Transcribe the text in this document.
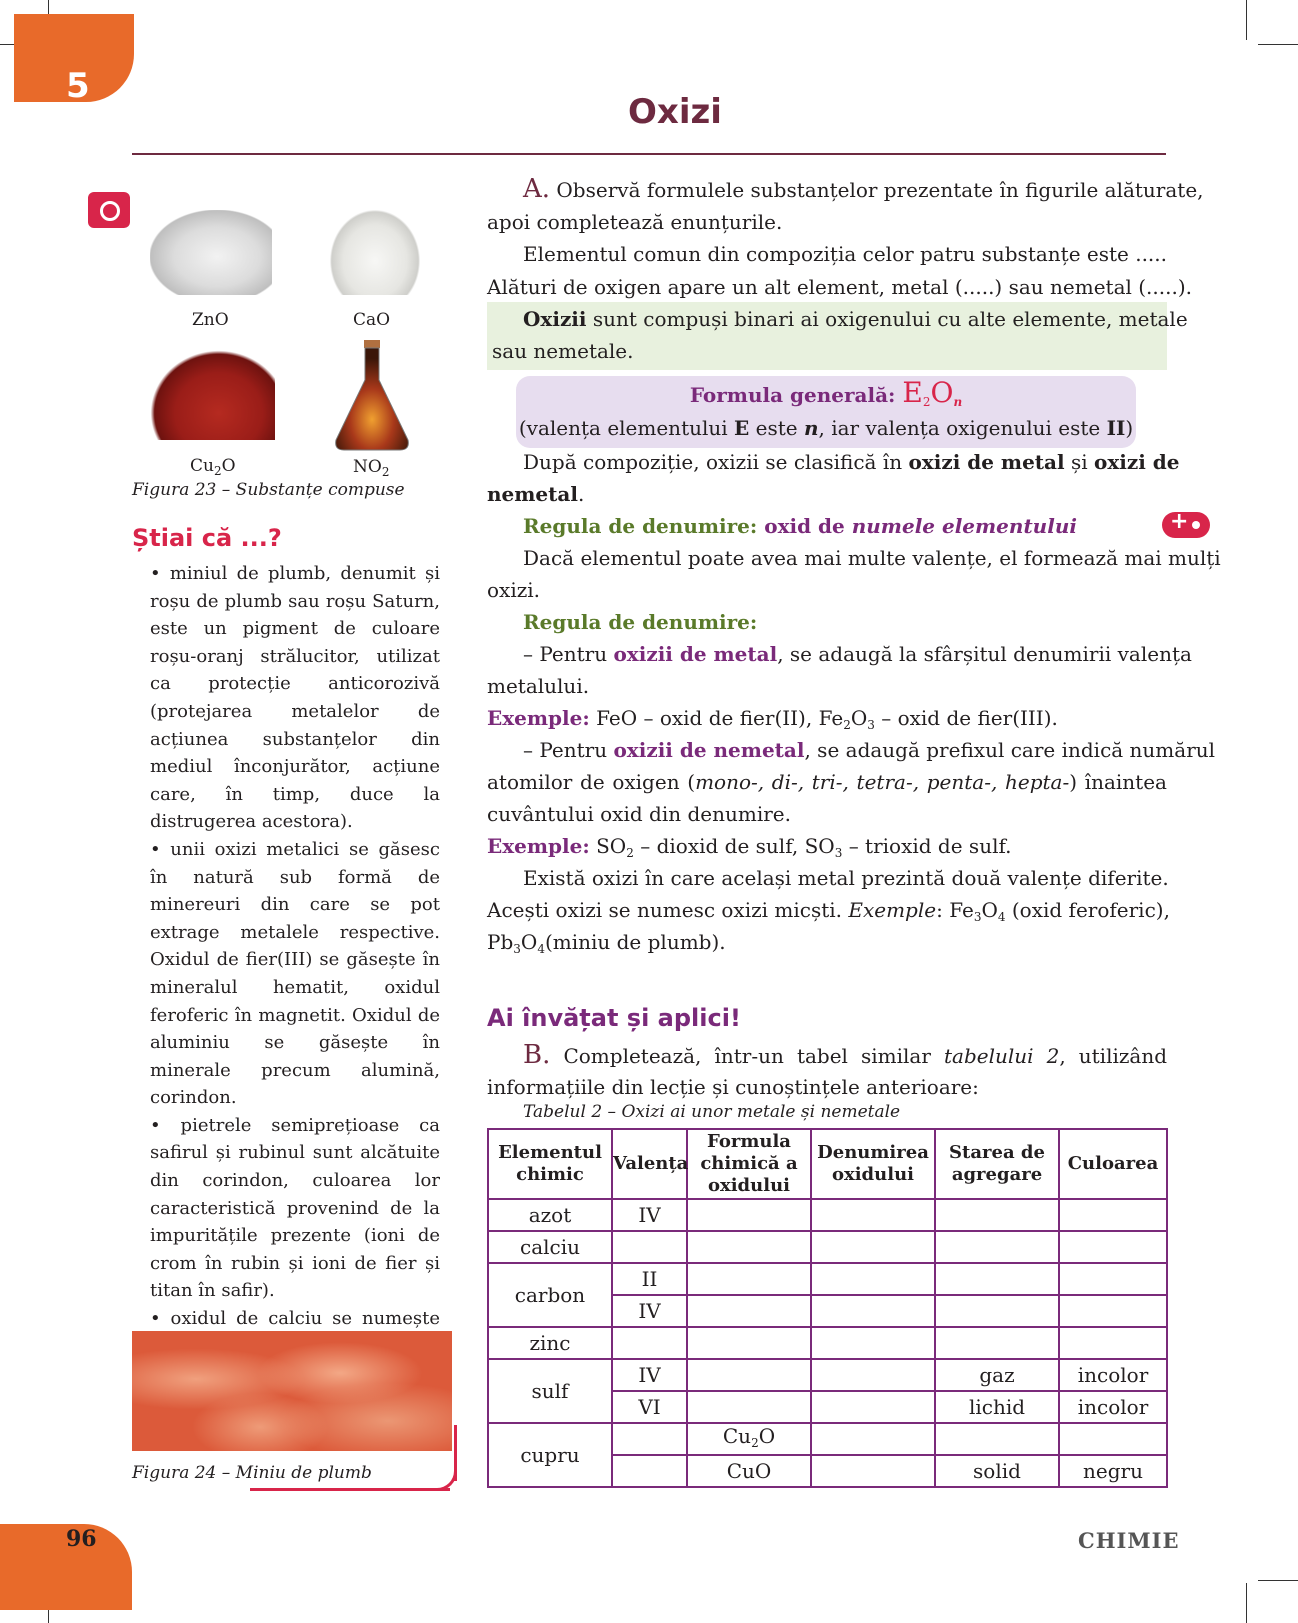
5
Oxizi
ZnO	CaO
$Cu_2O$	$NO_2$
Figura 23 – Substanțe compuse
Știai că ...?

• miniul de plumb, denumit și roșu de plumb sau roșu Saturn, este un pigment de culoare roșu-oranj strălucitor, utilizat ca protecție anticorozivă (protejarea metalelor de acțiunea substanțelor din mediul înconjurător, acțiune care, în timp, duce la distrugerea acestora).

• unii oxizi metalici se găsesc în natură sub formă de minereuri din care se pot extrage metalele respective. Oxidul de fier(III) se găsește în mineralul hematit, oxidul feroferic în magnetit. Oxidul de aluminiu se găsește în minerale precum alumină, corindon.

• pietrele semiprețioase ca safirul și rubinul sunt alcătuite din corindon, culoarea lor caracteristică provenind de la impuritățile prezente (ioni de crom în rubin și ioni de fier și titan în safir).

• oxidul de calciu se numește

Figura 24 – Miniu de plumb
A. Observă formulele substanțelor prezentate în figurile alăturate,
apoi completează enunțurile.
Elementul comun din compoziția celor patru substanțe este .....
Alături de oxigen apare un alt element, metal (.....) sau nemetal (.....).
Oxizii sunt compuși binari ai oxigenului cu alte elemente, metale
sau nemetale.
Formula generală: $E_2O_n$
(valența elementului E este n, iar valența oxigenului este II)
După compoziție, oxizii se clasifică în oxizi de metal și oxizi de
nemetal.
Regula de denumire: oxid de numele elementului
+
Dacă elementul poate avea mai multe valențe, el formează mai mulți
oxizi.
Regula de denumire:
– Pentru oxizii de metal, se adaugă la sfârșitul denumirii valența
metalului.
Exemple: FeO – oxid de fier(II), $Fe_2O_3$ – oxid de fier(III).
– Pentru oxizii de nemetal, se adaugă prefixul care indică numărul
atomilor de oxigen (mono-, di-, tri-, tetra-, penta-, hepta-) înaintea
cuvântului oxid din denumire.
Exemple: $SO_2$ – dioxid de sulf, $SO_3$ – trioxid de sulf.
Există oxizi în care același metal prezintă două valențe diferite.
Acești oxizi se numesc oxizi micști. Exemple: $Fe_3O_4$ (oxid feroferic),
$Pb_3O_4(miniu$ de plumb).
Ai învățat și aplici!
B. Completează, într-un tabel similar tabelului 2, utilizând
informațiile din lecție și cunoștințele anterioare:
Tabelul 2 – Oxizi ai unor metale și nemetale
Elementul chimic	Valența	Formula chimică a oxidului	Denumirea oxidului	Starea de agregare	Culoarea
azot	IV				
calciu					
carbon	II				
	IV				
zinc					
sulf	IV			gaz	incolor
	VI			lichid	incolor
cupru		$Cu_2O$			
		CuO		solid	negru
96	CHIMIE
